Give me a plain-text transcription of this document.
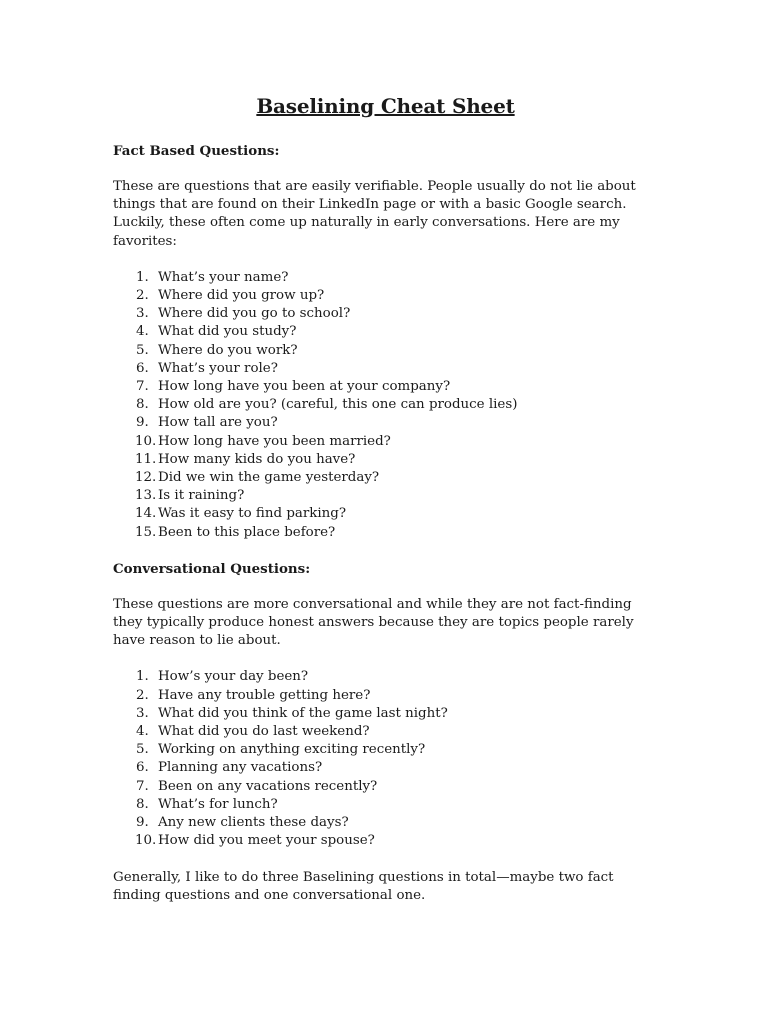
Baselining Cheat Sheet
Fact Based Questions:

These are questions that are easily verifiable. People usually do not lie about things that are found on their LinkedIn page or with a basic Google search. Luckily, these often come up naturally in early conversations. Here are my favorites:

1. What’s your name?
2. Where did you grow up?
3. Where did you go to school?
4. What did you study?
5. Where do you work?
6. What’s your role?
7. How long have you been at your company?
8. How old are you? (careful, this one can produce lies)
9. How tall are you?
10. How long have you been married?
11. How many kids do you have?
12. Did we win the game yesterday?
13. Is it raining?
14. Was it easy to find parking?
15. Been to this place before?
Conversational Questions:

These questions are more conversational and while they are not fact-finding they typically produce honest answers because they are topics people rarely have reason to lie about.

1. How’s your day been?
2. Have any trouble getting here?
3. What did you think of the game last night?
4. What did you do last weekend?
5. Working on anything exciting recently?
6. Planning any vacations?
7. Been on any vacations recently?
8. What’s for lunch?
9. Any new clients these days?
10. How did you meet your spouse?

Generally, I like to do three Baselining questions in total—maybe two fact finding questions and one conversational one.
